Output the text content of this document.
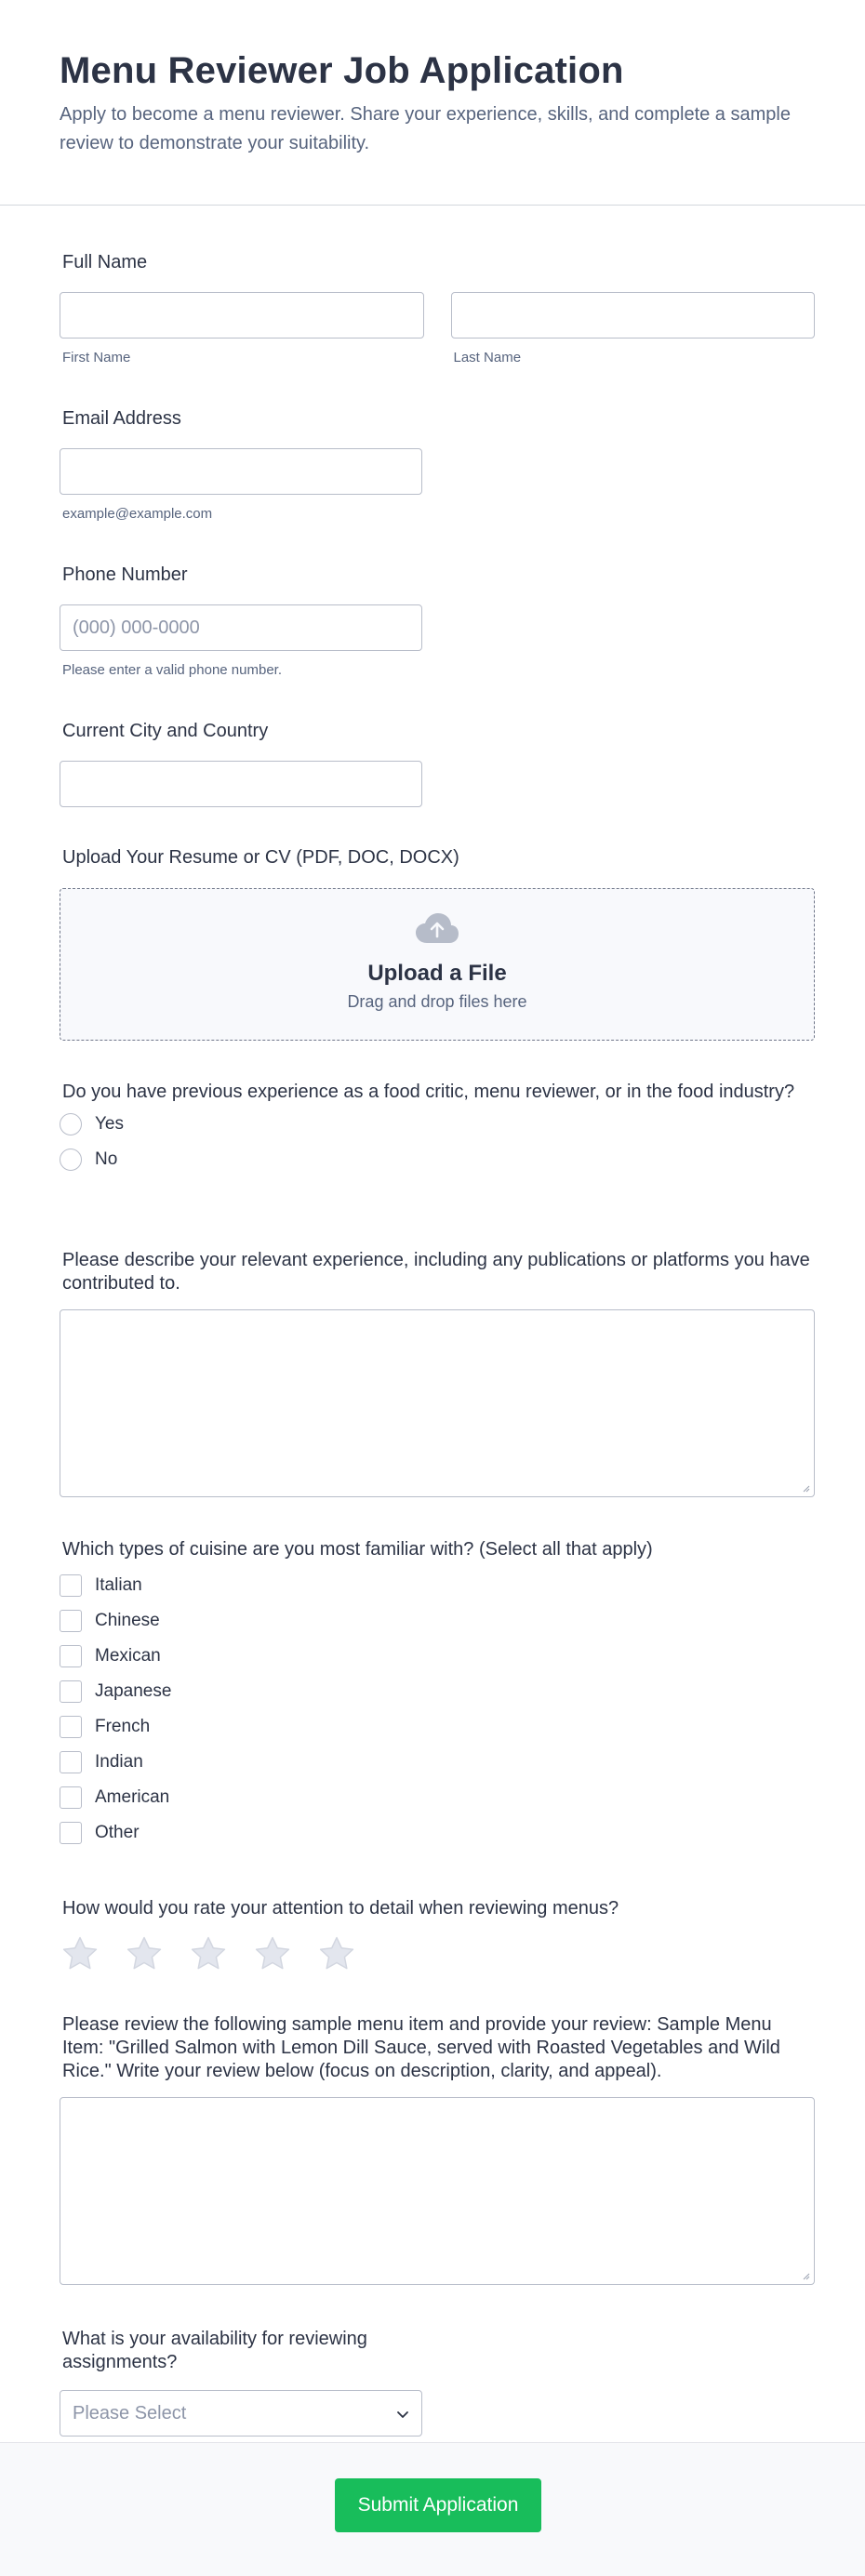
Menu Reviewer Job Application

Apply to become a menu reviewer. Share your experience, skills, and complete a sample review to demonstrate your suitability.

Full Name
First Name	Last Name
Email Address
example@example.com
Phone Number
(000) 000-0000
Please enter a valid phone number.
Current City and Country
Upload Your Resume or CV (PDF, DOC, DOCX)
Upload a File
Drag and drop files here
Do you have previous experience as a food critic, menu reviewer, or in the food industry?
Yes
No
Please describe your relevant experience, including any publications or platforms you have contributed to.
Which types of cuisine are you most familiar with? (Select all that apply)
Italian
Chinese
Mexican
Japanese
French
Indian
American
Other
How would you rate your attention to detail when reviewing menus?
Please review the following sample menu item and provide your review: Sample Menu Item: "Grilled Salmon with Lemon Dill Sauce, served with Roasted Vegetables and Wild Rice." Write your review below (focus on description, clarity, and appeal).
What is your availability for reviewing assignments?
Please Select
Submit Application
